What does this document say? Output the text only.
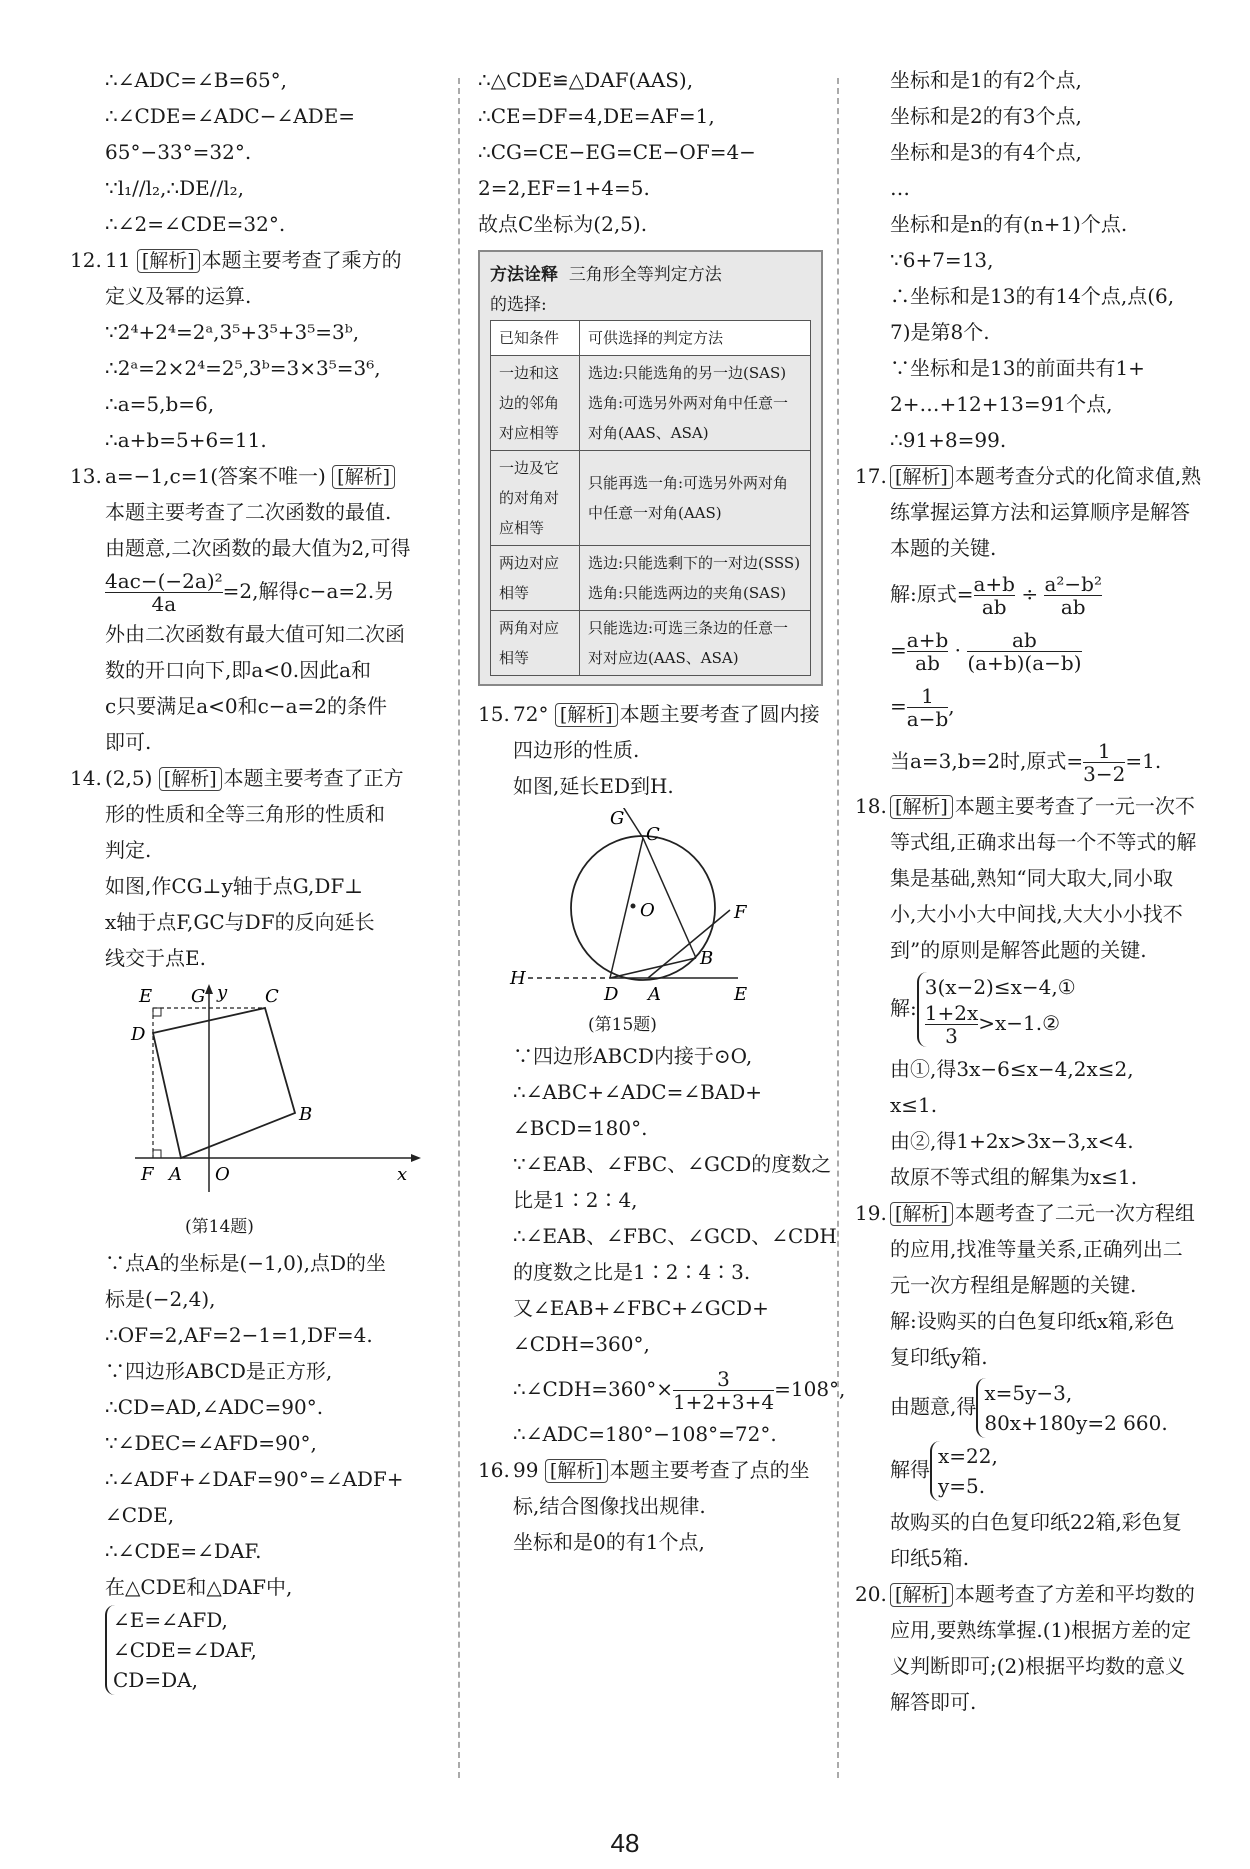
∴∠ADC=∠B=65°,
∴∠CDE=∠ADC−∠ADE=
65°−33°=32°.
∵l₁//l₂,∴DE//l₂,
∴∠2=∠CDE=32°.
12. 11 [解析] 本题主要考查了乘方的
定义及幂的运算.
∵2⁴+2⁴=2ᵃ,3⁵+3⁵+3⁵=3ᵇ,
∴2ᵃ=2×2⁴=2⁵,3ᵇ=3×3⁵=3⁶,
∴a=5,b=6,
∴a+b=5+6=11.
13. a=−1,c=1(答案不唯一) [解析]
本题主要考查了二次函数的最值.
由题意,二次函数的最大值为2,可得
$\frac{\text{4ac−(−2a)²}}{4a} =2$,解得c−a=2.另
外由二次函数有最大值可知二次函
数的开口向下,即a<0.因此a和
c只要满足a<0和c−a=2的条件
即可.
14. (2,5) [解析] 本题主要考查了正方
形的性质和全等三角形的性质和
判定.
如图,作CG⊥y轴于点G,DF⊥
x轴于点F,GC与DF的反向延长
线交于点E.
E G y C
D
B
F A O	x
(第14题)
∵点A的坐标是(−1,0),点D的坐
标是(−2,4),
∴OF=2,AF=2−1=1,DF=4.
∵四边形ABCD是正方形,
∴CD=AD,∠ADC=90°.
∵∠DEC=∠AFD=90°,
∴∠ADF+∠DAF=90°=∠ADF+
∠CDE,
∴∠CDE=∠DAF.
在△CDE和△DAF中,
∠E=∠AFD,
∠CDE=∠DAF,
CD=DA,
∴△CDE≌△DAF(AAS),
∴CE=DF=4,DE=AF=1,
∴CG=CE−EG=CE−OF=4−
2=2,EF=1+4=5.
故点C坐标为(2,5).
方法诠释 三角形全等判定方法
的选择:
已知条件	可供选择的判定方法
一边和这边的邻角对应相等	选边:只能选角的另一边(SAS)
选角:可选另外两对角中任意一对角(AAS、ASA)

一边及它的对角对应相等	只能再选一角:可选另外两对角中任意一对角(AAS)

两边对应相等	选边:只能选剩下的一对边(SSS)
选角:只能选两边的夹角(SAS)

两角对应相等	只能选边:可选三条边的任意一对对应边(AAS、ASA)
15. 72° [解析] 本题主要考查了圆内接
四边形的性质.
如图,延长ED到H.
G
C
O	F
B
H
D A	E
(第15题)
∵四边形ABCD内接于⊙O,
∴∠ABC+∠ADC=∠BAD+
∠BCD=180°.
∵∠EAB、∠FBC、∠GCD的度数之
比是1∶2∶4,
∴∠EAB、∠FBC、∠GCD、∠CDH
的度数之比是1∶2∶4∶3.
又∠EAB+∠FBC+∠GCD+
∠CDH=360°,
∴∠CDH=360°× $\frac{3}{1+2+3+4} =108^\circ$,
∴∠ADC=180°−108°=72°.
16. 99 [解析] 本题主要考查了点的坐
标,结合图像找出规律.
坐标和是0的有1个点,
坐标和是1的有2个点,
坐标和是2的有3个点,
坐标和是3的有4个点,
…
坐标和是n的有(n+1)个点.
∵6+7=13,
∴坐标和是13的有14个点,点(6,
7)是第8个.
∵坐标和是13的前面共有1+
2+…+12+13=91个点,
∴91+8=99.
17. [解析] 本题考查分式的化简求值,熟
练掌握运算方法和运算顺序是解答
本题的关键.
解:原式= $\frac{a+b}{ab} \div \frac{\text{a²−b²}}{ab}$
= $\frac{a+b}{ab} \cdot \frac{ab}{(a+b)(a-b)}$
= $\frac{1}{a-b}$ ,
当a=3,b=2时,原式= $\frac{1}{3-2} =1$.
18. [解析] 本题主要考查了一元一次不
等式组,正确求出每一个不等式的解
集是基础,熟知“同大取大,同小取
小,大小小大中间找,大大小小找不
到”的原则是解答此题的关键.
解:
3(x−2)≤x−4,①
$\frac{1+2x}{3}$ >x−1.②
由①,得3x−6≤x−4,2x≤2,
x≤1.
由②,得1+2x>3x−3,x<4.
故原不等式组的解集为x≤1.
19. [解析] 本题考查了二元一次方程组
的应用,找准等量关系,正确列出二
元一次方程组是解题的关键.
解:设购买的白色复印纸x箱,彩色
复印纸y箱.
由题意,得
x=5y−3,
80x+180y=2 660.
解得
x=22,
y=5.
故购买的白色复印纸22箱,彩色复
印纸5箱.
20. [解析] 本题考查了方差和平均数的
应用,要熟练掌握.(1)根据方差的定
义判断即可;(2)根据平均数的意义
解答即可.
48
